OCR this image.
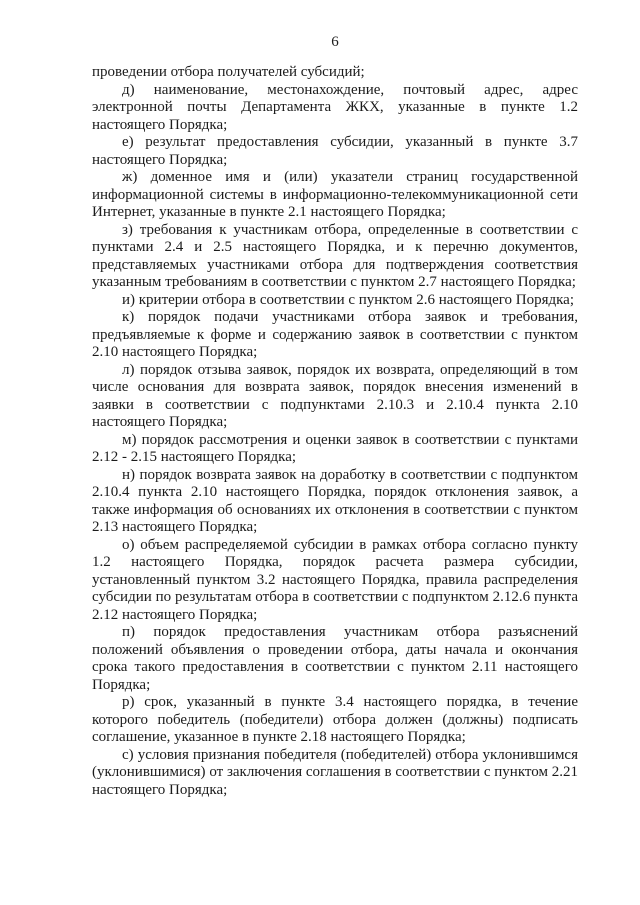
6

проведении отбора получателей субсидий;

д) наименование, местонахождение, почтовый адрес, адрес электронной почты Департамента ЖКХ, указанные в пункте 1.2 настоящего Порядка;

е) результат предоставления субсидии, указанный в пункте 3.7 настоящего Порядка;

ж) доменное имя и (или) указатели страниц государственной информационной системы в информационно-телекоммуникационной сети Интернет, указанные в пункте 2.1 настоящего Порядка;

з) требования к участникам отбора, определенные в соответствии с пунктами 2.4 и 2.5 настоящего Порядка, и к перечню документов, представляемых участниками отбора для подтверждения соответствия указанным требованиям в соответствии с пунктом 2.7 настоящего Порядка;

и) критерии отбора в соответствии с пунктом 2.6 настоящего Порядка;

к) порядок подачи участниками отбора заявок и требования, предъявляемые к форме и содержанию заявок в соответствии с пунктом 2.10 настоящего Порядка;

л) порядок отзыва заявок, порядок их возврата, определяющий в том числе основания для возврата заявок, порядок внесения изменений в заявки в соответствии с подпунктами 2.10.3 и 2.10.4 пункта 2.10 настоящего Порядка;

м) порядок рассмотрения и оценки заявок в соответствии с пунктами 2.12 - 2.15 настоящего Порядка;

н) порядок возврата заявок на доработку в соответствии с подпунктом 2.10.4 пункта 2.10 настоящего Порядка, порядок отклонения заявок, а также информация об основаниях их отклонения в соответствии с пунктом 2.13 настоящего Порядка;

о) объем распределяемой субсидии в рамках отбора согласно пункту 1.2 настоящего Порядка, порядок расчета размера субсидии, установленный пунктом 3.2 настоящего Порядка, правила распределения субсидии по результатам отбора в соответствии с подпунктом 2.12.6 пункта 2.12 настоящего Порядка;

п) порядок предоставления участникам отбора разъяснений положений объявления о проведении отбора, даты начала и окончания срока такого предоставления в соответствии с пунктом 2.11 настоящего Порядка;

р) срок, указанный в пункте 3.4 настоящего порядка, в течение которого победитель (победители) отбора должен (должны) подписать соглашение, указанное в пункте 2.18 настоящего Порядка;

с) условия признания победителя (победителей) отбора уклонившимся (уклонившимися) от заключения соглашения в соответствии с пунктом 2.21 настоящего Порядка;
